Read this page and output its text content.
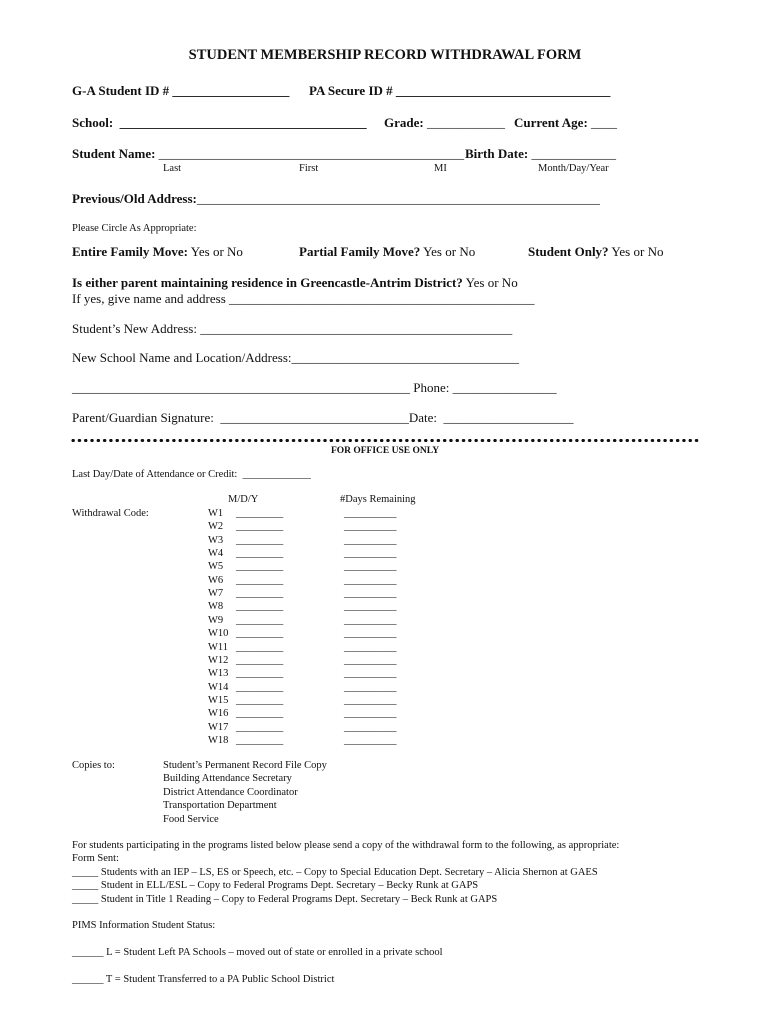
STUDENT MEMBERSHIP RECORD WITHDRAWAL FORM
G-A Student ID # __________________ PA Secure ID # _________________________________
School:  ______________________________________ Grade: ____________ Current Age: ____
Student Name: _______________________________________________ Birth Date: _____________
Last	First	MI	Month/Day/Year
Previous/Old Address:______________________________________________________________
Please Circle As Appropriate:
Entire Family Move: Yes or No	Partial Family Move? Yes or No	Student Only? Yes or No
Is either parent maintaining residence in Greencastle-Antrim District? Yes or No
If yes, give name and address _______________________________________________
Student’s New Address: ________________________________________________
New School Name and Location/Address:___________________________________
____________________________________________________ Phone: ________________
Parent/Guardian Signature:  _____________________________Date:  ____________________
FOR OFFICE USE ONLY
Last Day/Date of Attendance or Credit:  _____________
M/D/Y	#Days Remaining
Withdrawal Code:	W1 _________	__________
W2 _________	__________
W3 _________	__________
W4 _________	__________
W5 _________	__________
W6 _________	__________
W7 _________	__________
W8 _________	__________
W9 _________	__________
W10 _________	__________
W11 _________	__________
W12 _________	__________
W13 _________	__________
W14 _________	__________
W15 _________	__________
W16 _________	__________
W17 _________	__________
W18 _________	__________
Copies to:	Student’s Permanent Record File Copy
Building Attendance Secretary
District Attendance Coordinator
Transportation Department
Food Service
For students participating in the programs listed below please send a copy of the withdrawal form to the following, as appropriate:
Form Sent:
_____ Students with an IEP – LS, ES or Speech, etc. – Copy to Special Education Dept. Secretary – Alicia Shernon at GAES
_____ Student in ELL/ESL – Copy to Federal Programs Dept. Secretary – Becky Runk at GAPS
_____ Student in Title 1 Reading – Copy to Federal Programs Dept. Secretary – Beck Runk at GAPS
PIMS Information Student Status:
______ L = Student Left PA Schools – moved out of state or enrolled in a private school
______ T = Student Transferred to a PA Public School District
